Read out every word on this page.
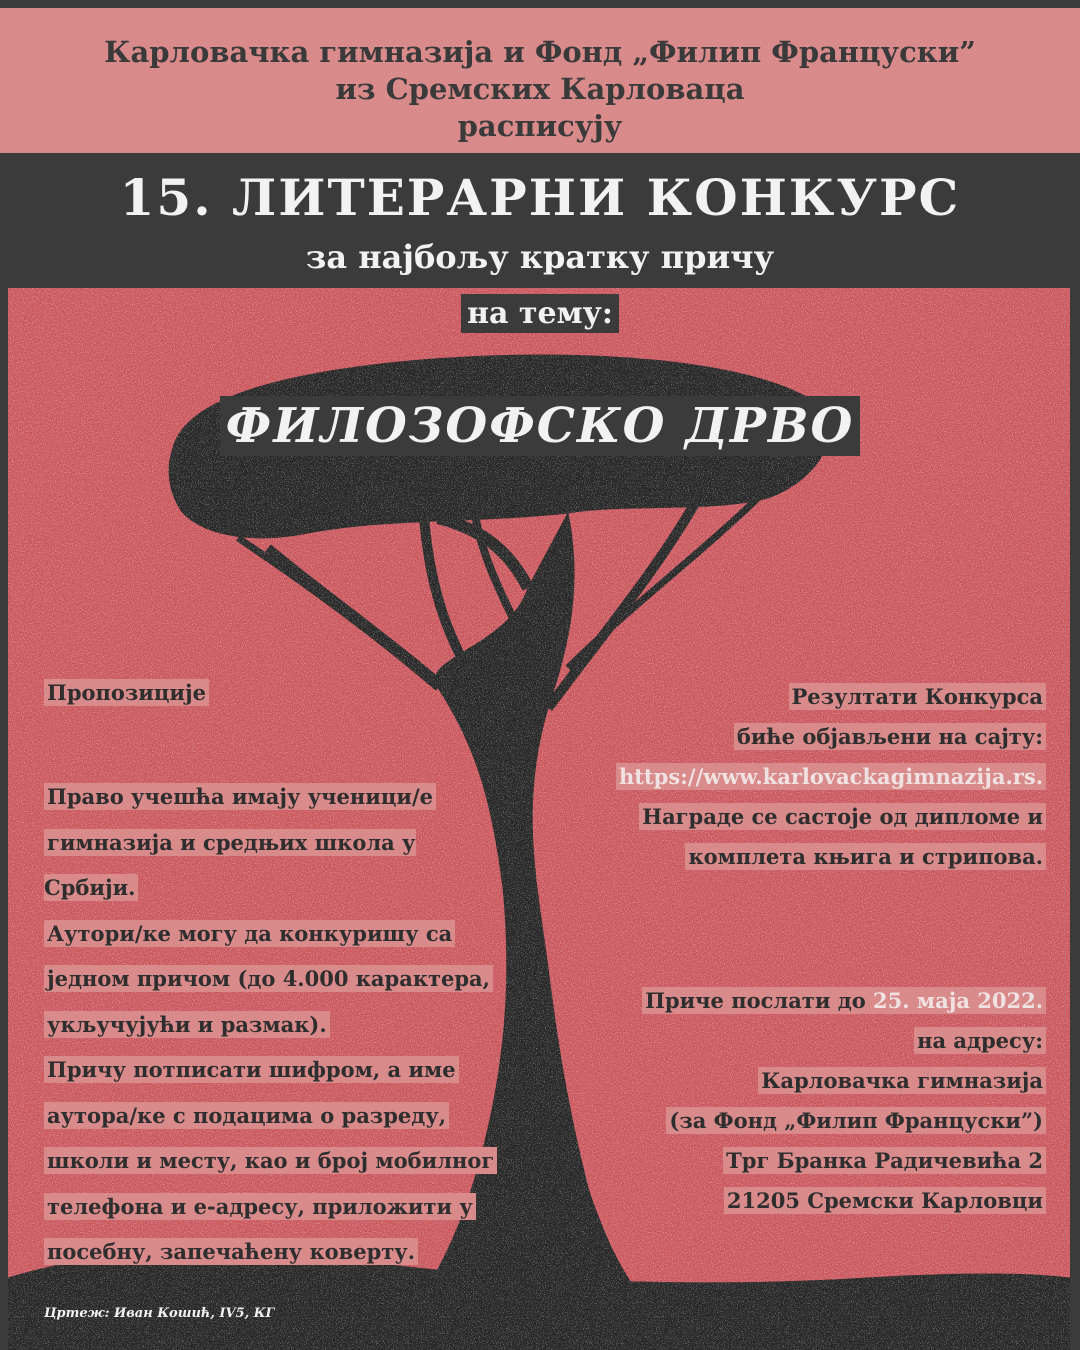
Карловачка гимназија и Фонд „Филип Француски”
из Сремских Карловаца
расписују
15. ЛИТЕРАРНИ КОНКУРС
за најбољу кратку причу
на тему:
ФИЛОЗОФСКО ДРВО
Пропозиције
Право учешћа имају ученици/е
гимназија и средњих школа у Србији.
Аутори/ке могу да конкуришу са
једном причом (до 4.000 карактера,
укључујући и размак).
Причу потписати шифром, а име
аутора/ке с подацима о разреду,
школи и месту, као и број мобилног
телефона и е-адресу, приложити у
посебну, запечаћену коверту.
Резултати Конкурса
биће објављени на сајту:
https://www.karlovackagimnazija.rs.
Награде се састоје од дипломе и
комплета књига и стрипова.
Приче послати до 25. маја 2022.
на адресу:
Карловачка гимназија
(за Фонд „Филип Француски”)
Трг Бранка Радичевића 2
21205 Сремски Карловци
Цртеж: Иван Кошић, IV5, КГ
